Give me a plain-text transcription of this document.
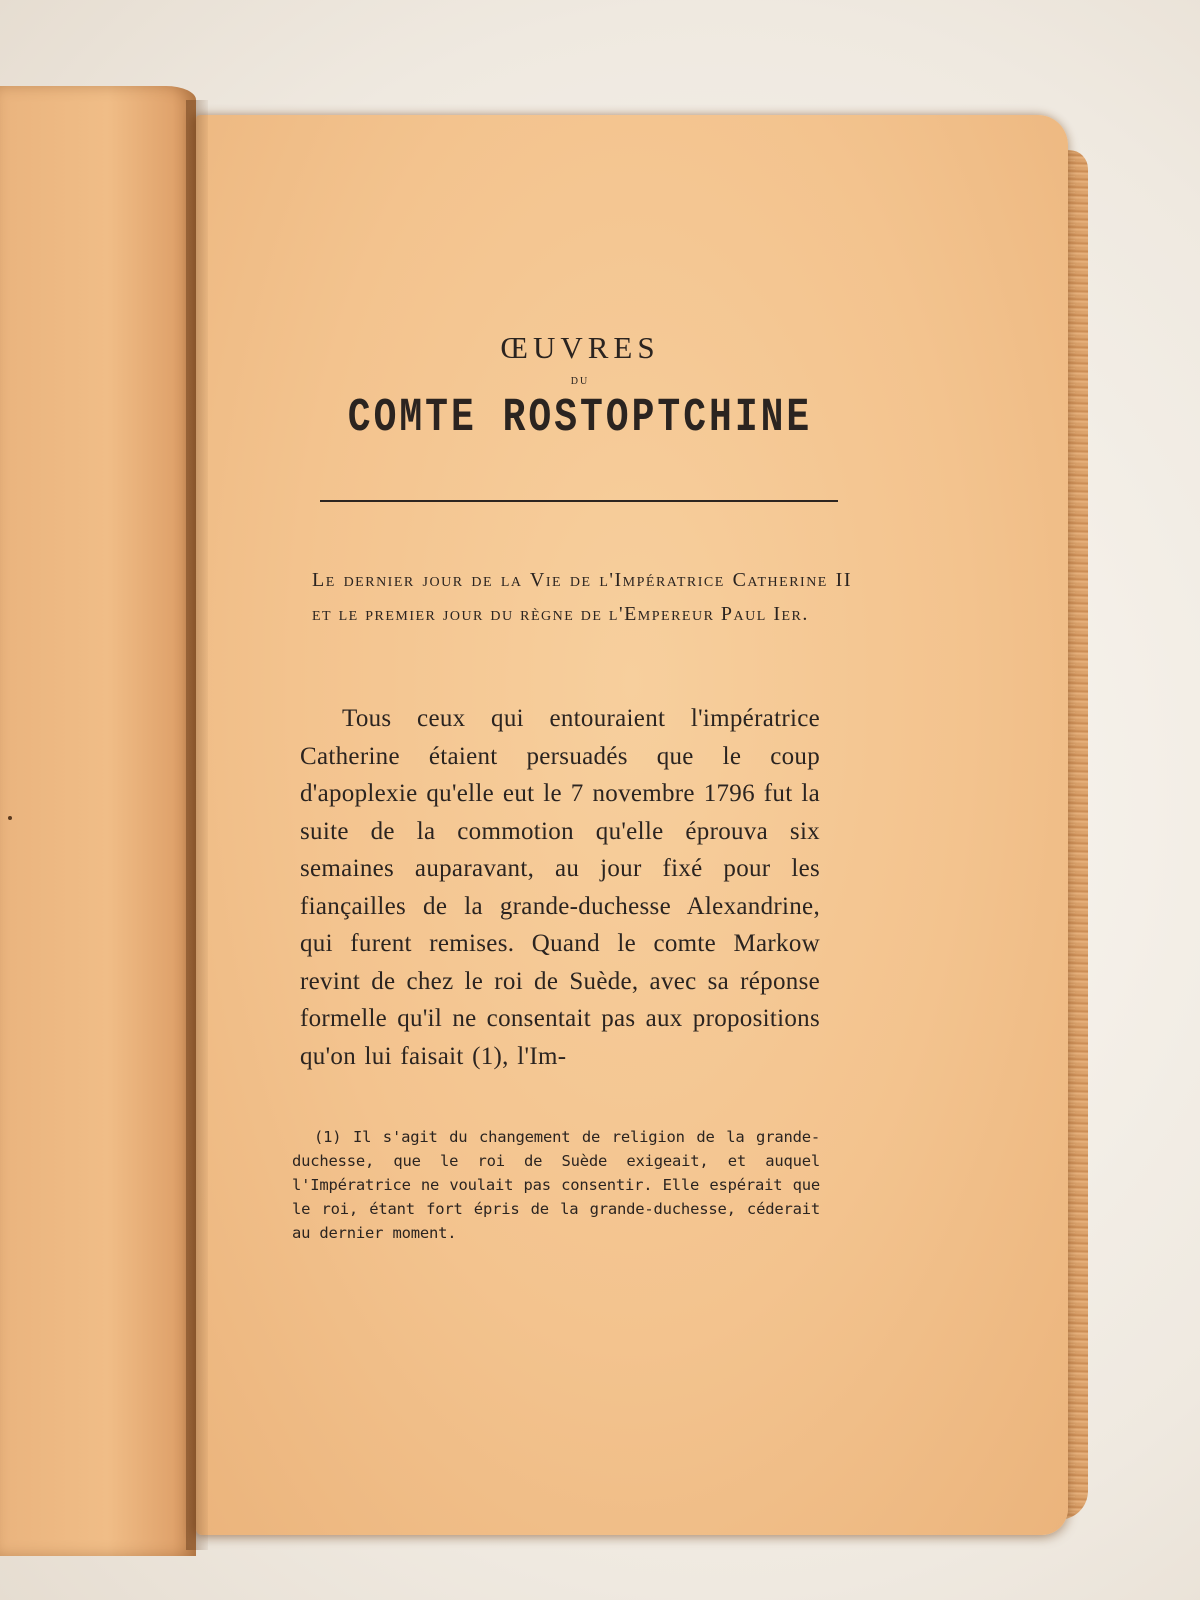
ŒUVRES
DU
COMTE ROSTOPTCHINE

Le dernier jour de la Vie de l'Impératrice Catherine II et le premier jour du règne de l'Empereur Paul Ier.

Tous ceux qui entouraient l'impératrice Catherine étaient persuadés que le coup d'apoplexie qu'elle eut le 7 novembre 1796 fut la suite de la commotion qu'elle éprouva six semaines auparavant, au jour fixé pour les fiançailles de la grande-duchesse Alexandrine, qui furent remises. Quand le comte Markow revint de chez le roi de Suède, avec sa réponse formelle qu'il ne consentait pas aux propositions qu'on lui faisait (1), l'Im-

(1) Il s'agit du changement de religion de la grande-duchesse, que le roi de Suède exigeait, et auquel l'Impératrice ne voulait pas consentir. Elle espérait que le roi, étant fort épris de la grande-duchesse, céderait au dernier moment.
